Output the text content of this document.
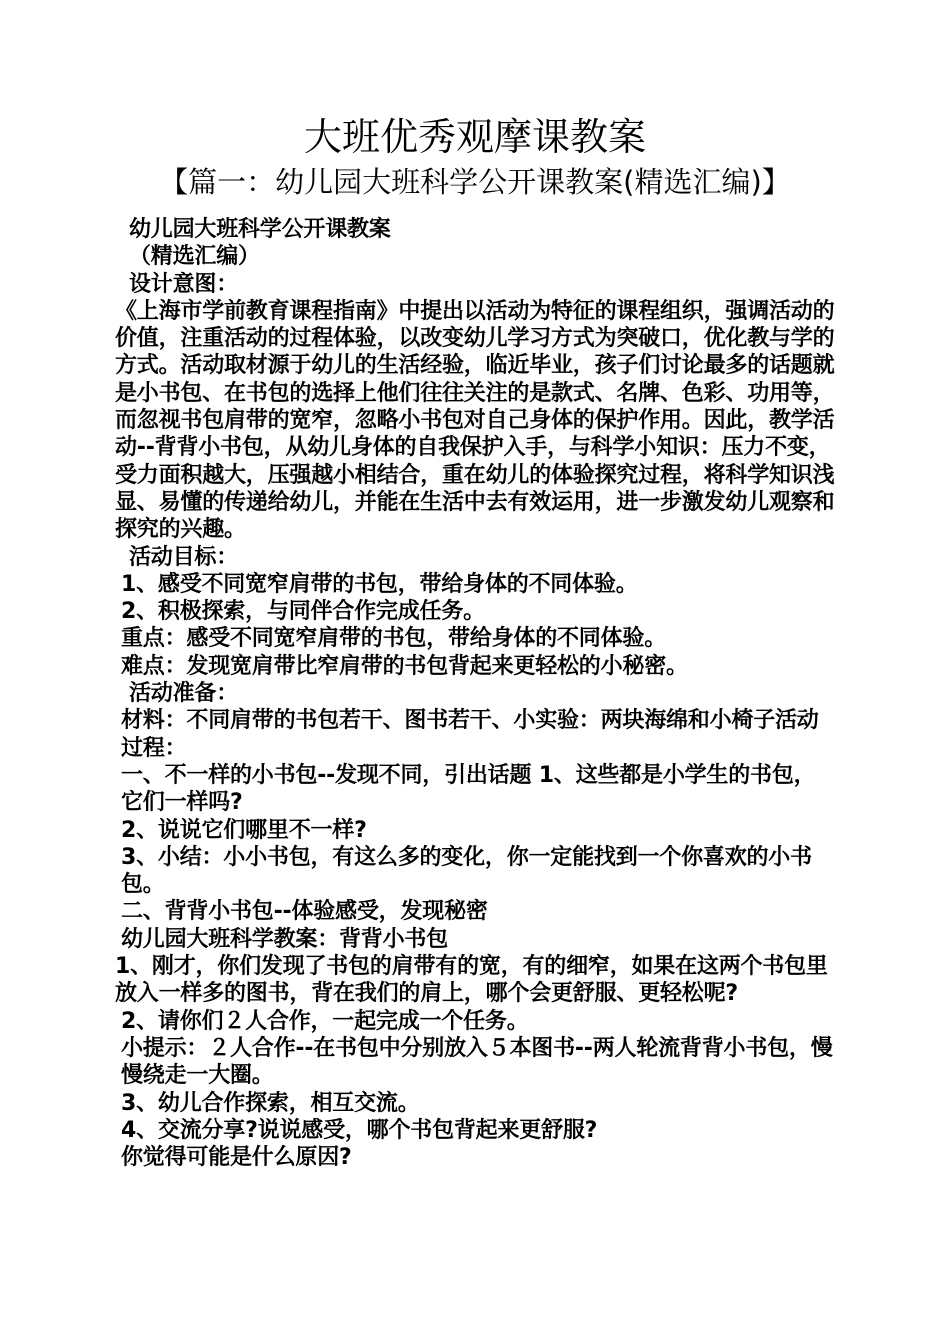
大班优秀观摩课教案
【篇一：幼儿园大班科学公开课教案(精选汇编)】

幼儿园大班科学公开课教案

（精选汇编）

设计意图：

《上海市学前教育课程指南》中提出以活动为特征的课程组织，强调活动的价值，注重活动的过程体验，以改变幼儿学习方式为突破口，优化教与学的方式。活动取材源于幼儿的生活经验，临近毕业，孩子们讨论最多的话题就是小书包、在书包的选择上他们往往关注的是款式、名牌、色彩、功用等，而忽视书包肩带的宽窄，忽略小书包对自己身体的保护作用。因此，教学活动--背背小书包，从幼儿身体的自我保护入手，与科学小知识：压力不变，受力面积越大，压强越小相结合，重在幼儿的体验探究过程，将科学知识浅显、易懂的传递给幼儿，并能在生活中去有效运用，进一步激发幼儿观察和探究的兴趣。

活动目标：

1、感受不同宽窄肩带的书包，带给身体的不同体验。

2、积极探索，与同伴合作完成任务。

重点：感受不同宽窄肩带的书包，带给身体的不同体验。

难点：发现宽肩带比窄肩带的书包背起来更轻松的小秘密。

活动准备：

材料：不同肩带的书包若干、图书若干、小实验：两块海绵和小椅子活动过程：

一、不一样的小书包--发现不同，引出话题 1、这些都是小学生的书包，它们一样吗?

2、说说它们哪里不一样?

3、小结：小小书包，有这么多的变化，你一定能找到一个你喜欢的小书包。

二、背背小书包--体验感受，发现秘密

幼儿园大班科学教案：背背小书包

1、刚才，你们发现了书包的肩带有的宽，有的细窄，如果在这两个书包里放入一样多的图书，背在我们的肩上，哪个会更舒服、更轻松呢?

2、请你们２人合作，一起完成一个任务。

小提示：２人合作--在书包中分别放入５本图书--两人轮流背背小书包，慢慢绕走一大圈。

3、幼儿合作探索，相互交流。

4、交流分享?说说感受，哪个书包背起来更舒服?

你觉得可能是什么原因?
